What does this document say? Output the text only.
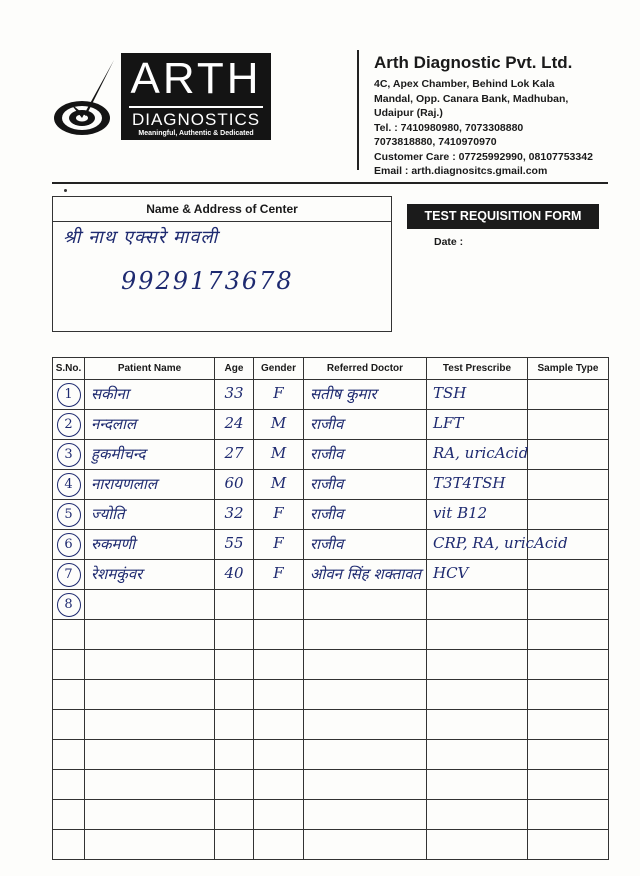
ARTH
DIAGNOSTICS
Meaningful, Authentic & Dedicated
Arth Diagnostic Pvt. Ltd.
4C, Apex Chamber, Behind Lok Kala
Mandal, Opp. Canara Bank, Madhuban,
Udaipur (Raj.)
Tel. : 7410980980, 7073308880
7073818880, 7410970970
Customer Care : 07725992990, 08107753342
Email : arth.diagnositcs.gmail.com
Name & Address of Center
श्री नाथ एक्सरे मावली
9929173678
TEST REQUISITION FORM
Date :
S.No.	Patient Name	Age	Gender	Referred Doctor	Test Prescribe	Sample Type
1	सकीना	33	F	सतीष कुमार	TSH	

2	नन्दलाल	24	M	राजीव	LFT	

3	हुकमीचन्द	27	M	राजीव	RA, uricAcid	

4	नारायणलाल	60	M	राजीव	T3T4TSH	

5	ज्योति	32	F	राजीव	vit B12	

6	रुकमणी	55	F	राजीव	CRP, RA, uricAcid	

7	रेशमकुंवर	40	F	ओवन सिंह शक्तावत	HCV	

8	
